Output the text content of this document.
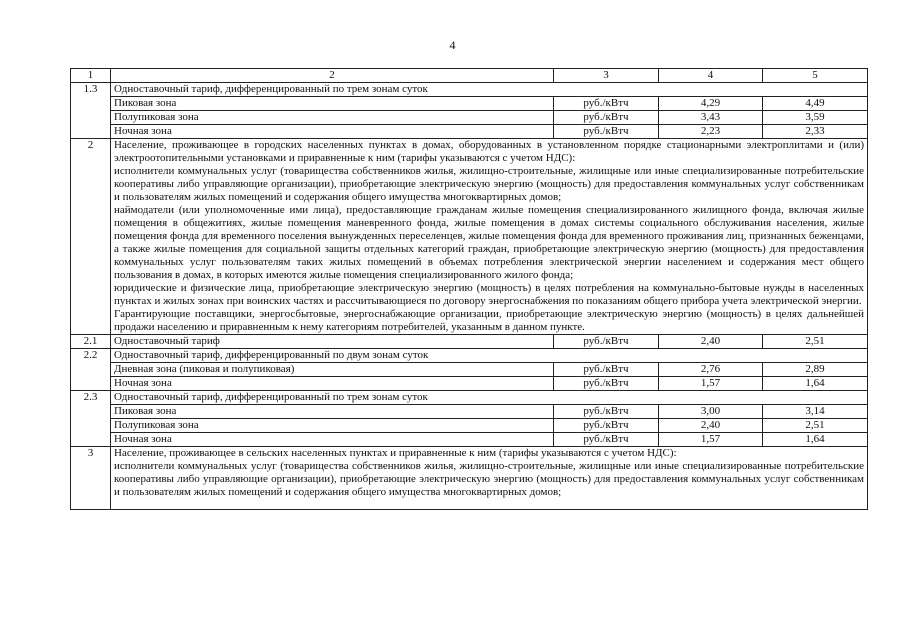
4
1	2	3	4	5
1.3	Одноставочный тариф, дифференцированный по трем зонам суток			
	Пиковая зона	руб./кВтч	4,29	4,49
	Полупиковая зона	руб./кВтч	3,43	3,59
	Ночная зона	руб./кВтч	2,23	2,33
2	Население, проживающее в городских населенных пунктах в домах, оборудованных в установленном порядке стационарными электроплитами и (или) электроотопительными установками и приравненные к ним (тарифы указываются с учетом НДС):

исполнители коммунальных услуг (товарищества собственников жилья, жилищно-строительные, жилищные или иные специализированные потребительские кооперативы либо управляющие организации), приобретающие электрическую энергию (мощность) для предоставления коммунальных услуг собственникам и пользователям жилых помещений и содержания общего имущества многоквартирных домов;

наймодатели (или уполномоченные ими лица), предоставляющие гражданам жилые помещения специализированного жилищного фонда, включая жилые помещения в общежитиях, жилые помещения маневренного фонда, жилые помещения в домах системы социального обслуживания населения, жилые помещения фонда для временного поселения вынужденных переселенцев, жилые помещения фонда для временного проживания лиц, признанных беженцами, а также жилые помещения для социальной защиты отдельных категорий граждан, приобретающие электрическую энергию (мощность) для предоставления коммунальных услуг пользователям таких жилых помещений в объемах потребления электрической энергии населением и содержания мест общего пользования в домах, в которых имеются жилые помещения специализированного жилого фонда;

юридические и физические лица, приобретающие электрическую энергию (мощность) в целях потребления на коммунально-бытовые нужды в населенных пунктах и жилых зонах при воинских частях и рассчитывающиеся по договору энергоснабжения по показаниям общего прибора учета электрической энергии.

Гарантирующие поставщики, энергосбытовые, энергоснабжающие организации, приобретающие электрическую энергию (мощность) в целях дальнейшей продажи населению и приравненным к нему категориям потребителей, указанным в данном пункте.			

2.1	Одноставочный тариф	руб./кВтч	2,40	2,51
2.2	Одноставочный тариф, дифференцированный по двум зонам суток			
	Дневная зона (пиковая и полупиковая)	руб./кВтч	2,76	2,89
	Ночная зона	руб./кВтч	1,57	1,64
2.3	Одноставочный тариф, дифференцированный по трем зонам суток			
	Пиковая зона	руб./кВтч	3,00	3,14
	Полупиковая зона	руб./кВтч	2,40	2,51
	Ночная зона	руб./кВтч	1,57	1,64
3	Население, проживающее в сельских населенных пунктах и приравненные к ним (тарифы указываются с учетом НДС):

исполнители коммунальных услуг (товарищества собственников жилья, жилищно-строительные, жилищные или иные специализированные потребительские кооперативы либо управляющие организации), приобретающие электрическую энергию (мощность) для предоставления коммунальных услуг собственникам и пользователям жилых помещений и содержания общего имущества многоквартирных домов;			
